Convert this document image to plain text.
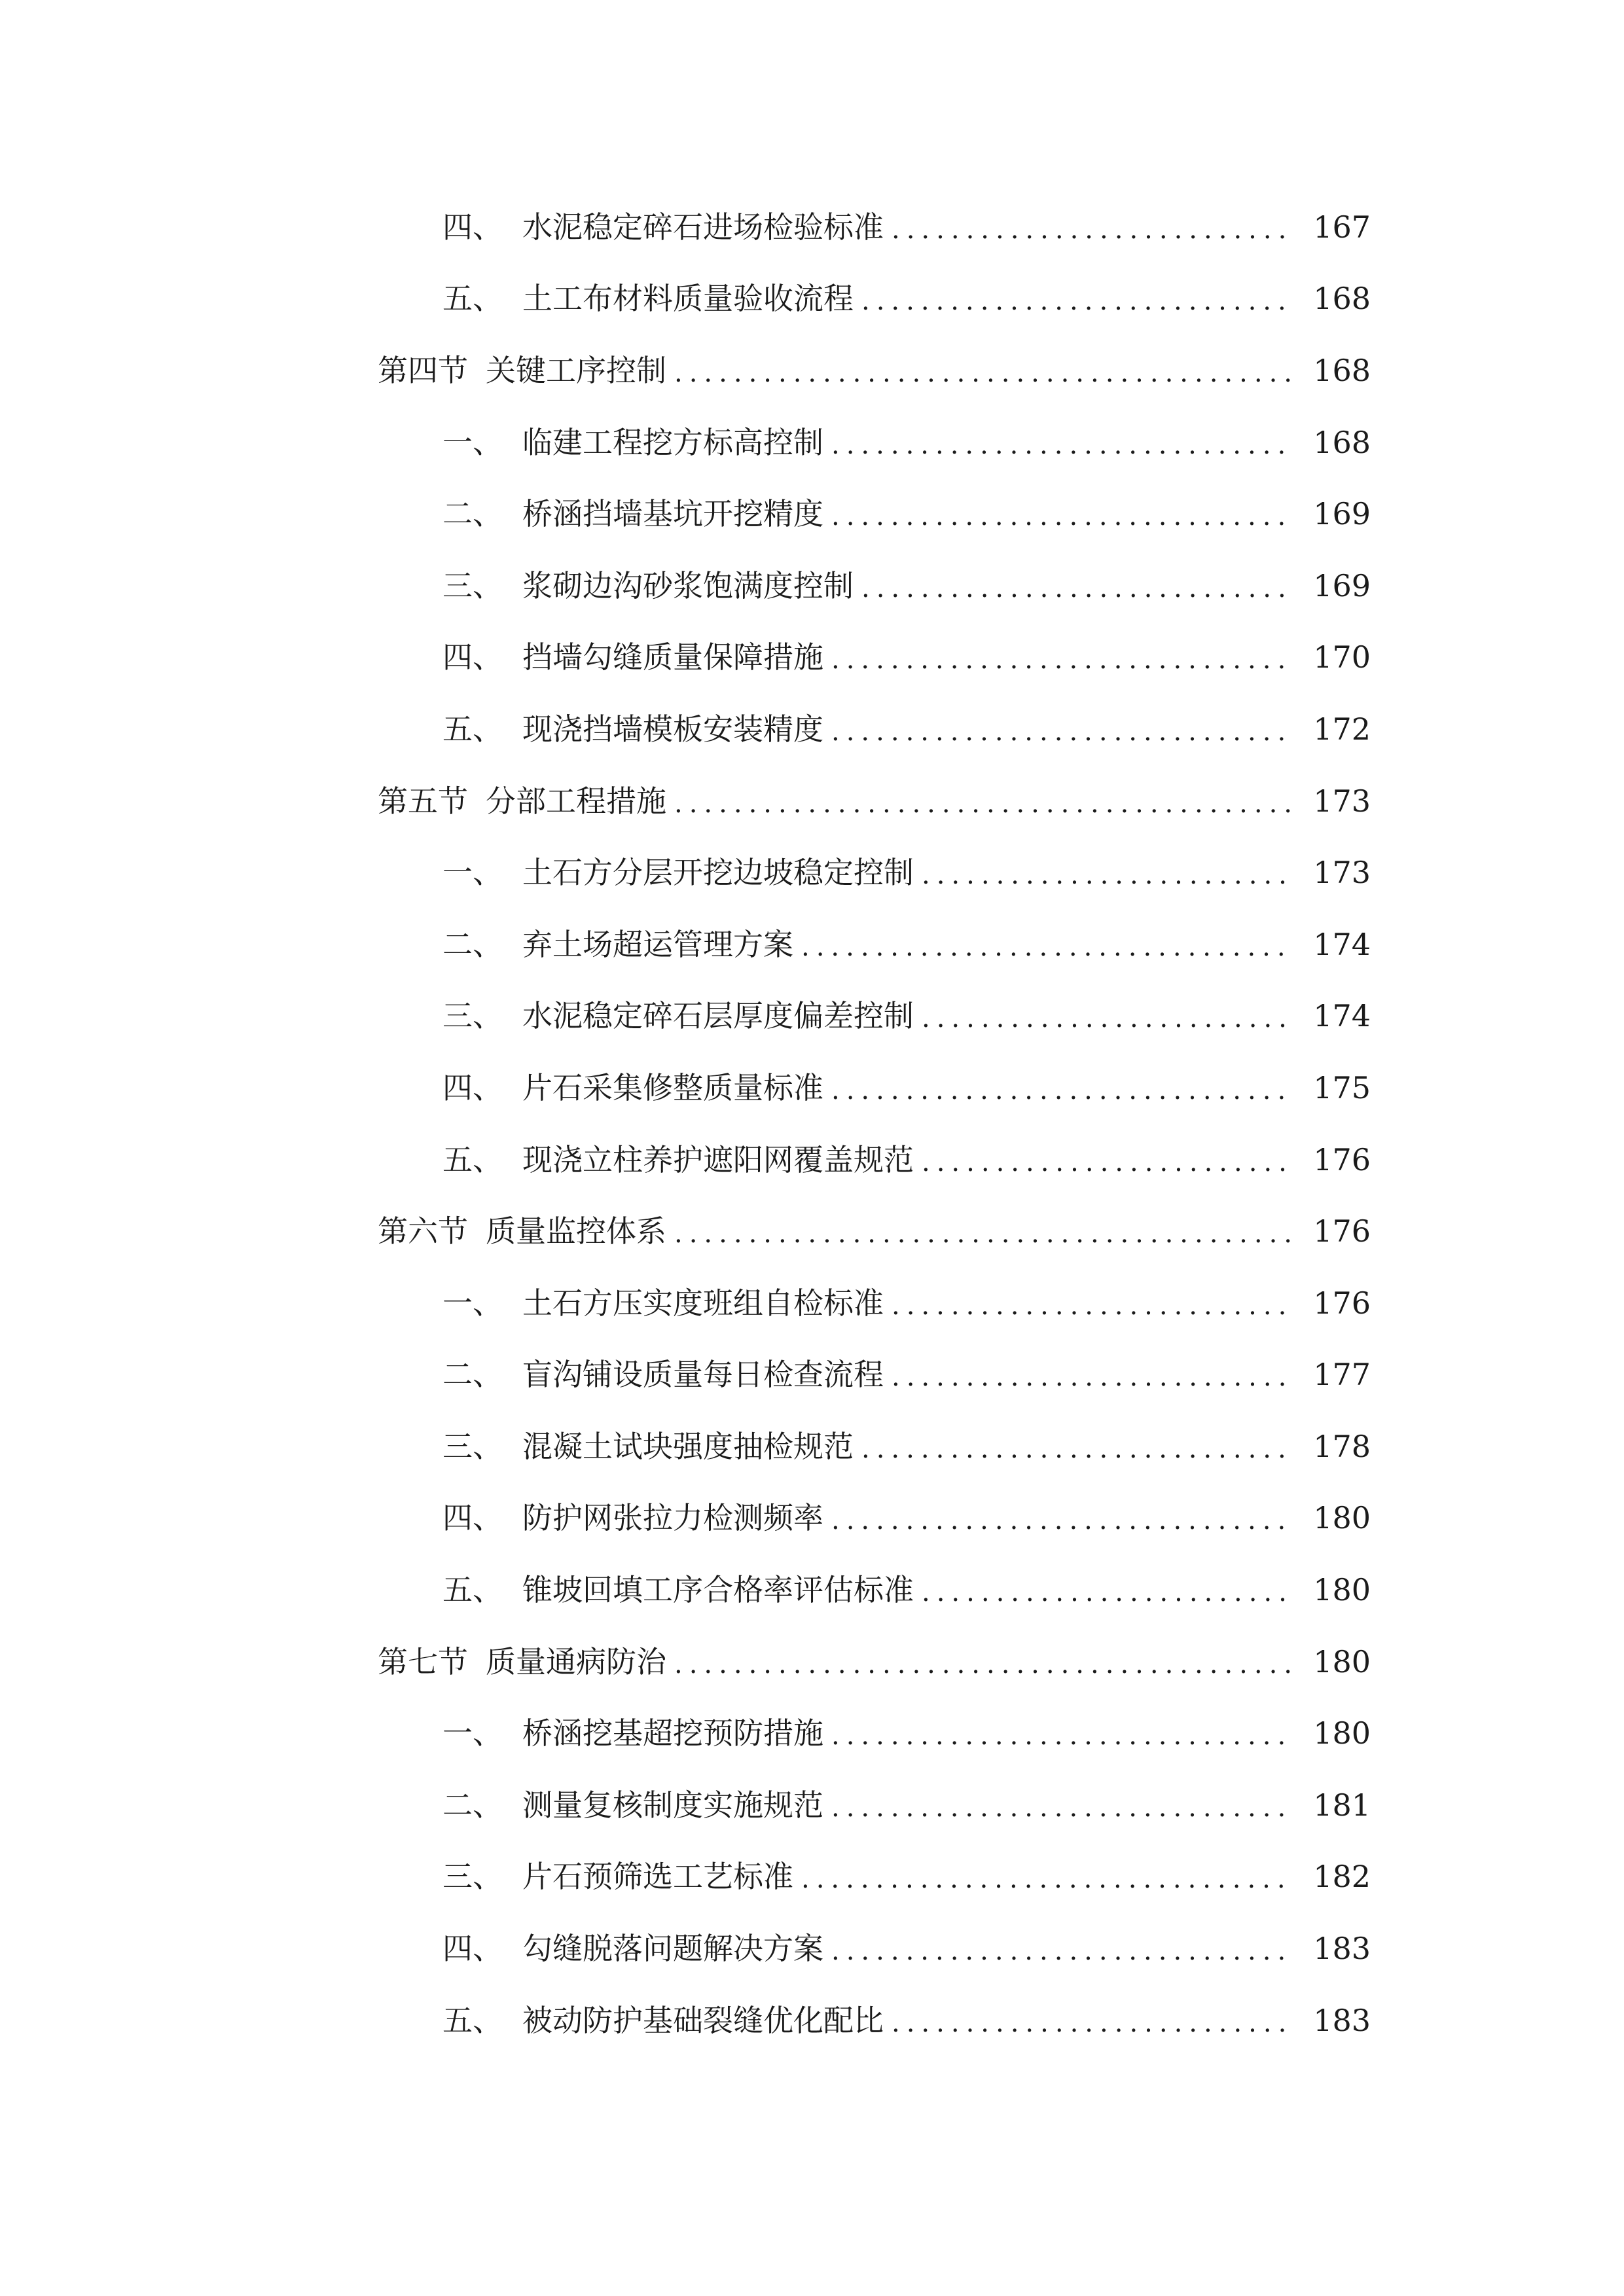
四、 水泥稳定碎石进场检验标准 .....	167
五、 土工布材料质量验收流程 .....	168
第四节 关键工序控制 .....	168
一、 临建工程挖方标高控制 .....	168
二、 桥涵挡墙基坑开挖精度 .....	169
三、 浆砌边沟砂浆饱满度控制 .....	169
四、 挡墙勾缝质量保障措施 .....	170
五、 现浇挡墙模板安装精度 .....	172
第五节 分部工程措施 .....	173
一、 土石方分层开挖边坡稳定控制 .....	173
二、 弃土场超运管理方案 .....	174
三、 水泥稳定碎石层厚度偏差控制 .....	174
四、 片石采集修整质量标准 .....	175
五、 现浇立柱养护遮阳网覆盖规范 .....	176
第六节 质量监控体系 .....	176
一、 土石方压实度班组自检标准 .....	176
二、 盲沟铺设质量每日检查流程 .....	177
三、 混凝土试块强度抽检规范 .....	178
四、 防护网张拉力检测频率 .....	180
五、 锥坡回填工序合格率评估标准 .....	180
第七节 质量通病防治 .....	180
一、 桥涵挖基超挖预防措施 .....	180
二、 测量复核制度实施规范 .....	181
三、 片石预筛选工艺标准 .....	182
四、 勾缝脱落问题解决方案 .....	183
五、 被动防护基础裂缝优化配比 .....	183
